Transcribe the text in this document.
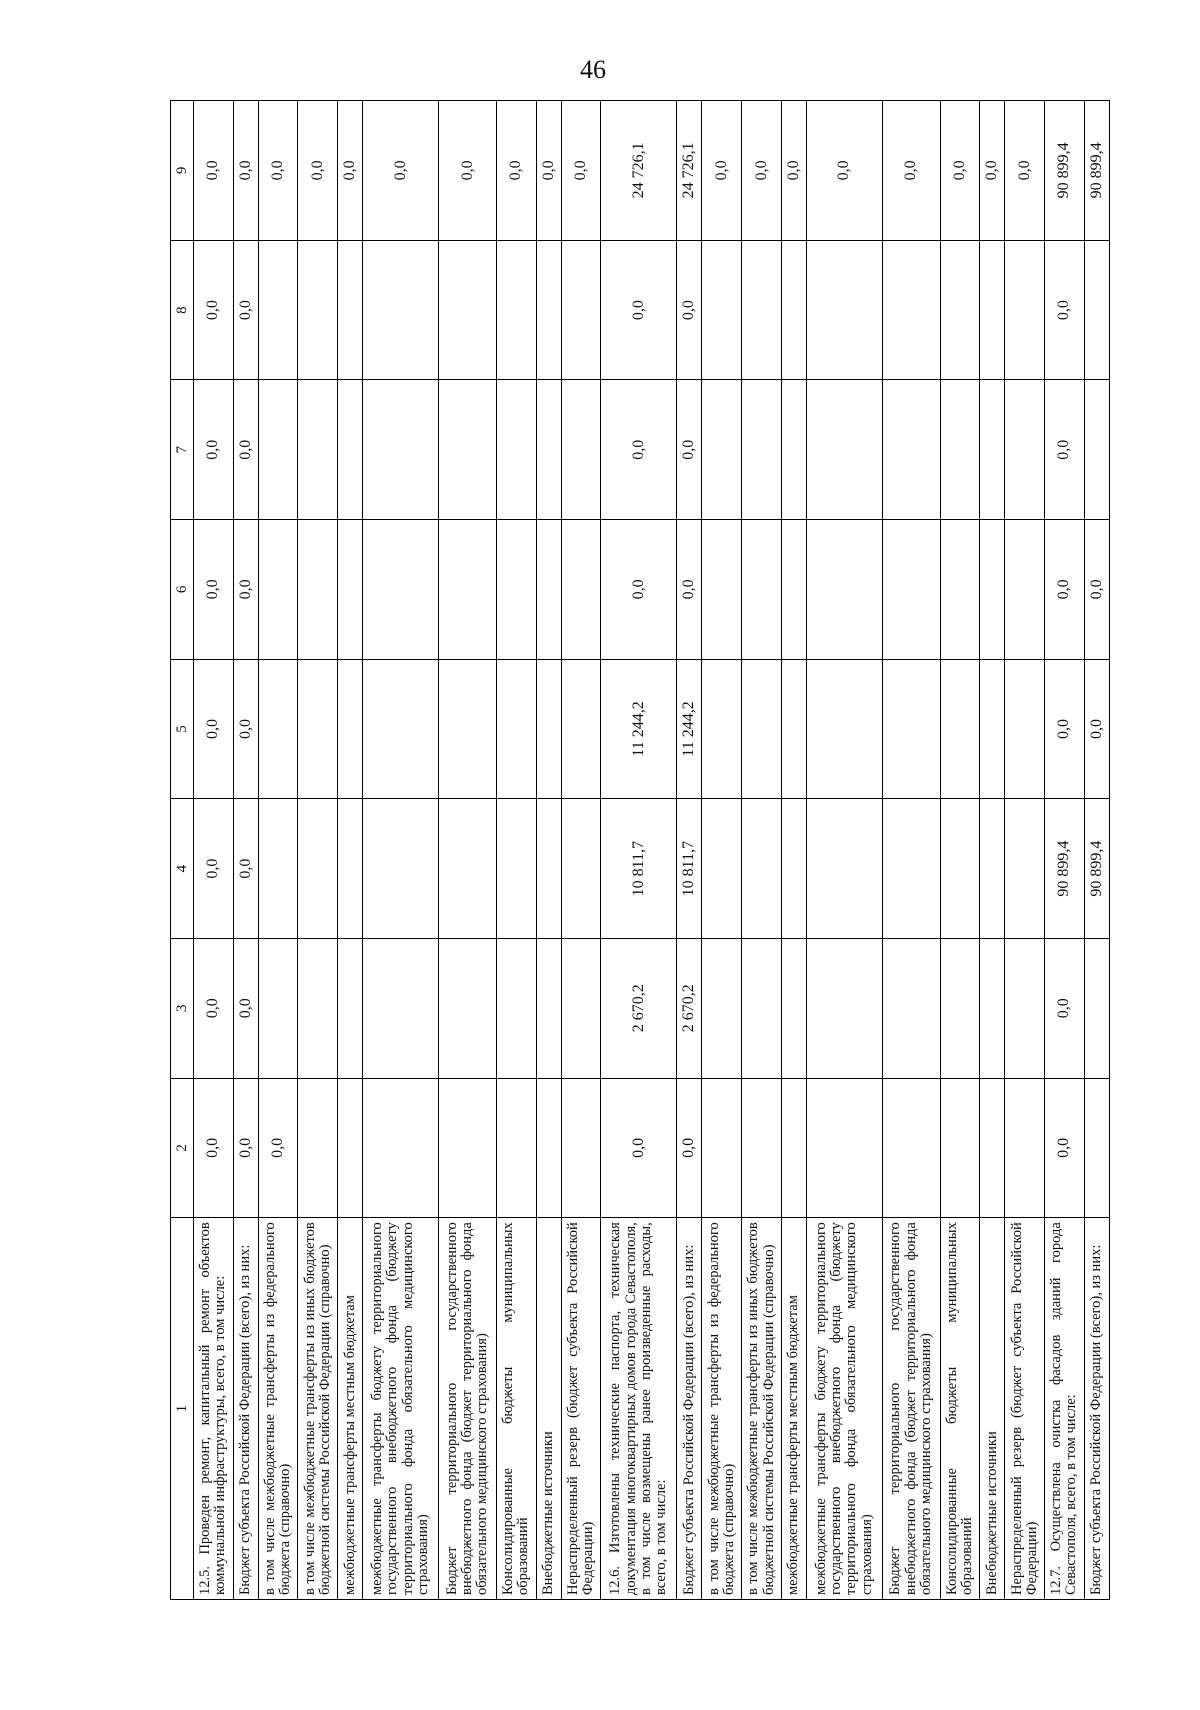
46
1	2	3	4	5	6	7	8	9
12.5. Проведен ремонт, капитальный ремонт объектов коммунальной инфраструктуры, всего, в том числе:	0,0	0,0	0,0	0,0	0,0	0,0	0,0	0,0
Бюджет субъекта Российской Федерации (всего), из них:	0,0	0,0	0,0	0,0	0,0	0,0	0,0	0,0
в том числе межбюджетные трансферты из федерального бюджета (справочно)	0,0							0,0
в том числе межбюджетные трансферты из иных бюджетов бюджетной системы Российской Федерации (справочно)								0,0
межбюджетные трансферты местным бюджетам								0,0
межбюджетные трансферты бюджету территориального государственного внебюджетного фонда (бюджету территориального фонда обязательного медицинского страхования)								0,0
Бюджет территориального государственного внебюджетного фонда (бюджет территориального фонда обязательного медицинского страхования)								0,0
Консолидированные бюджеты муниципальных образований								0,0
Внебюджетные источники								0,0
Нераспределенный резерв (бюджет субъекта Российской Федерации)								0,0
12.6. Изготовлены технические паспорта, техническая документация многоквартирных домов города Севастополя, в том числе возмещены ранее произведенные расходы, всего, в том числе:	0,0	2 670,2	10 811,7	11 244,2	0,0	0,0	0,0	24 726,1
Бюджет субъекта Российской Федерации (всего), из них:	0,0	2 670,2	10 811,7	11 244,2	0,0	0,0	0,0	24 726,1
в том числе межбюджетные трансферты из федерального бюджета (справочно)								0,0
в том числе межбюджетные трансферты из иных бюджетов бюджетной системы Российской Федерации (справочно)								0,0
межбюджетные трансферты местным бюджетам								0,0
межбюджетные трансферты бюджету территориального государственного внебюджетного фонда (бюджету территориального фонда обязательного медицинского страхования)								0,0
Бюджет территориального государственного внебюджетного фонда (бюджет территориального фонда обязательного медицинского страхования)								0,0
Консолидированные бюджеты муниципальных образований								0,0
Внебюджетные источники								0,0
Нераспределенный резерв (бюджет субъекта Российской Федерации)								0,0
12.7. Осуществлена очистка фасадов зданий города Севастополя, всего, в том числе:	0,0	0,0	90 899,4	0,0	0,0	0,0	0,0	90 899,4
Бюджет субъекта Российской Федерации (всего), из них:			90 899,4	0,0	0,0			90 899,4
